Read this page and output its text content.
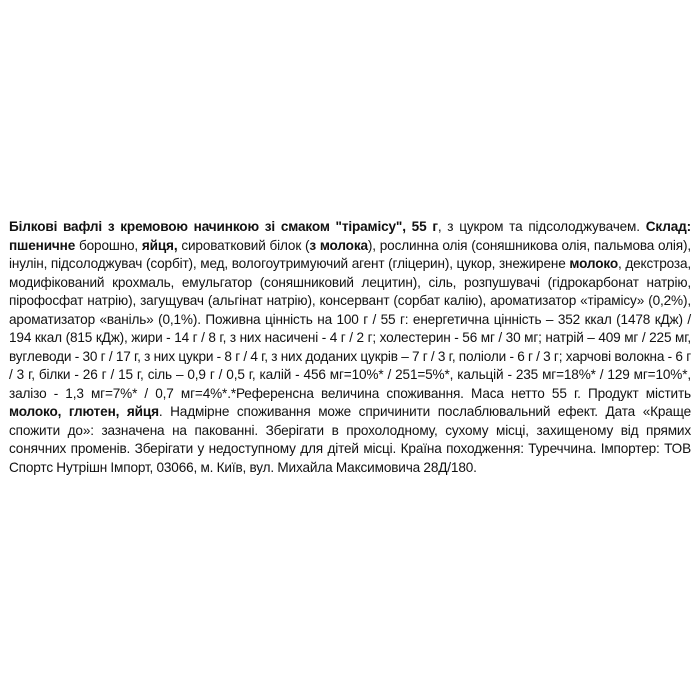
Білкові вафлі з кремовою начинкою зі смаком "тірамісу", 55 г, з цукром та підсолоджувачем. Склад: пшеничне борошно, яйця, сироватковий білок (з молока), рослинна олія (соняшникова олія, пальмова олія), інулін, підсолоджувач (сорбіт), мед, вологоутримуючий агент (гліцерин), цукор, знежирене молоко, декстроза, модифікований крохмаль, емульгатор (соняшниковий лецитин), сіль, розпушувачі (гідрокарбонат натрію, пірофосфат натрію), загущувач (альгінат натрію), консервант (сорбат калію), ароматизатор «тірамісу» (0,2%), ароматизатор «ваніль» (0,1%). Поживна цінність на 100 г / 55 г: енергетична цінність – 352 ккал (1478 кДж) / 194 ккал (815 кДж), жири - 14 г / 8 г, з них насичені - 4 г / 2 г; холестерин - 56 мг / 30 мг; натрій – 409 мг / 225 мг, вуглеводи - 30 г / 17 г, з них цукри - 8 г / 4 г, з них доданих цукрів – 7 г / 3 г, поліоли - 6 г / 3 г; харчові волокна - 6 г / 3 г, білки - 26 г / 15 г, сіль – 0,9 г / 0,5 г, калій - 456 мг=10%* / 251=5%*, кальцій - 235 мг=18%* / 129 мг=10%*, залізо - 1,3 мг=7%* / 0,7 мг=4%*.*Референсна величина споживання. Маса нетто 55 г. Продукт містить молоко, глютен, яйця. Надмірне споживання може спричинити послаблювальний ефект. Дата «Краще спожити до»: зазначена на пакованні. Зберігати в прохолодному, сухому місці, захищеному від прямих сонячних променів. Зберігати у недоступному для дітей місці. Країна походження: Туреччина. Імпортер: ТОВ Спортс Нутрішн Імпорт, 03066, м. Київ, вул. Михайла Максимовича 28Д/180.
